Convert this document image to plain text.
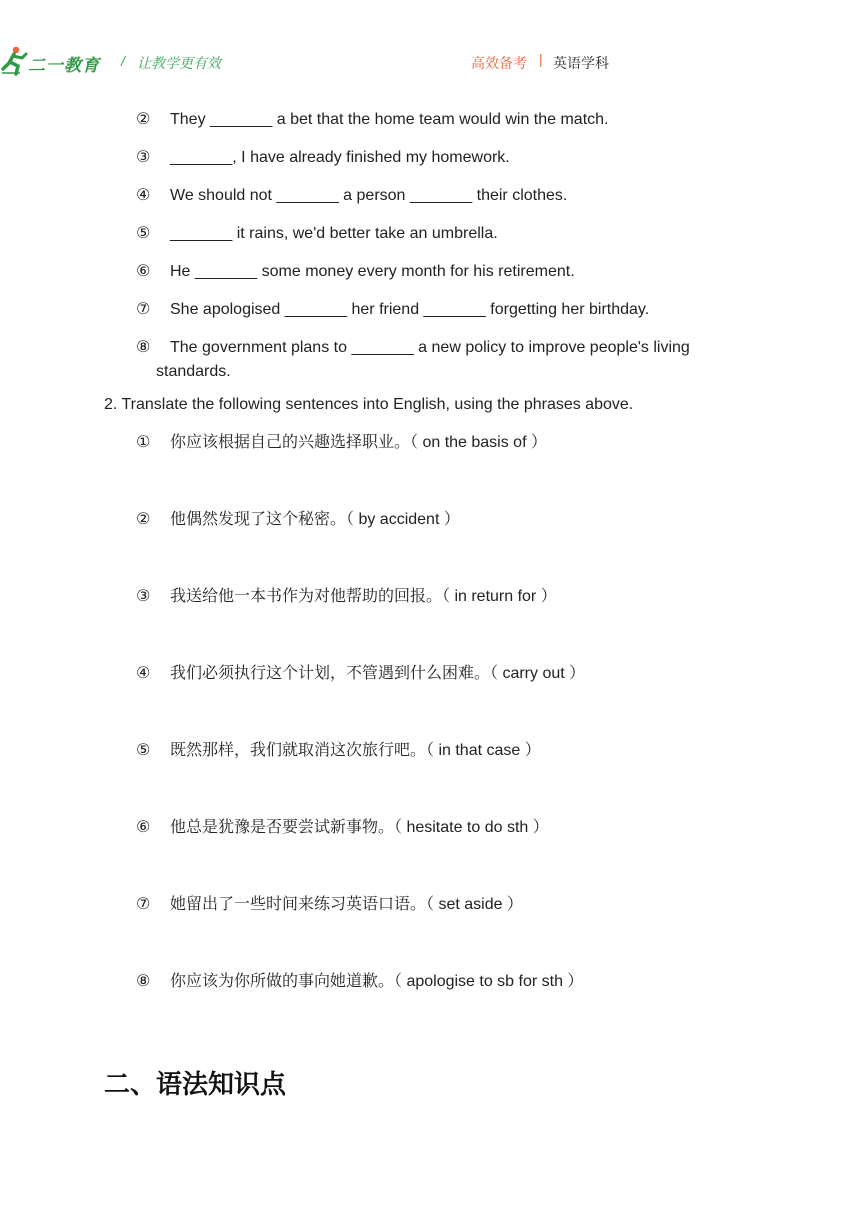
二一教育 / 让教学更有效	高效备考 | 英语学科
② They _______ a bet that the home team would win the match.
③ _______, I have already finished my homework.
④ We should not _______ a person _______ their clothes.
⑤ _______ it rains, we'd better take an umbrella.
⑥ He _______ some money every month for his retirement.
⑦ She apologised _______ her friend _______ forgetting her birthday.
⑧ The government plans to _______ a new policy to improve people's living
standards.
2. Translate the following sentences into English, using the phrases above.
① 你应该根据自己的兴趣选择职业。（ on the basis of ）
② 他偶然发现了这个秘密。（ by accident ）
③ 我送给他一本书作为对他帮助的回报。（ in return for ）
④ 我们必须执行这个计划，不管遇到什么困难。（ carry out ）
⑤ 既然那样，我们就取消这次旅行吧。（ in that case ）
⑥ 他总是犹豫是否要尝试新事物。（ hesitate to do sth ）
⑦ 她留出了一些时间来练习英语口语。（ set aside ）
⑧ 你应该为你所做的事向她道歉。（ apologise to sb for sth ）
二、语法知识点
